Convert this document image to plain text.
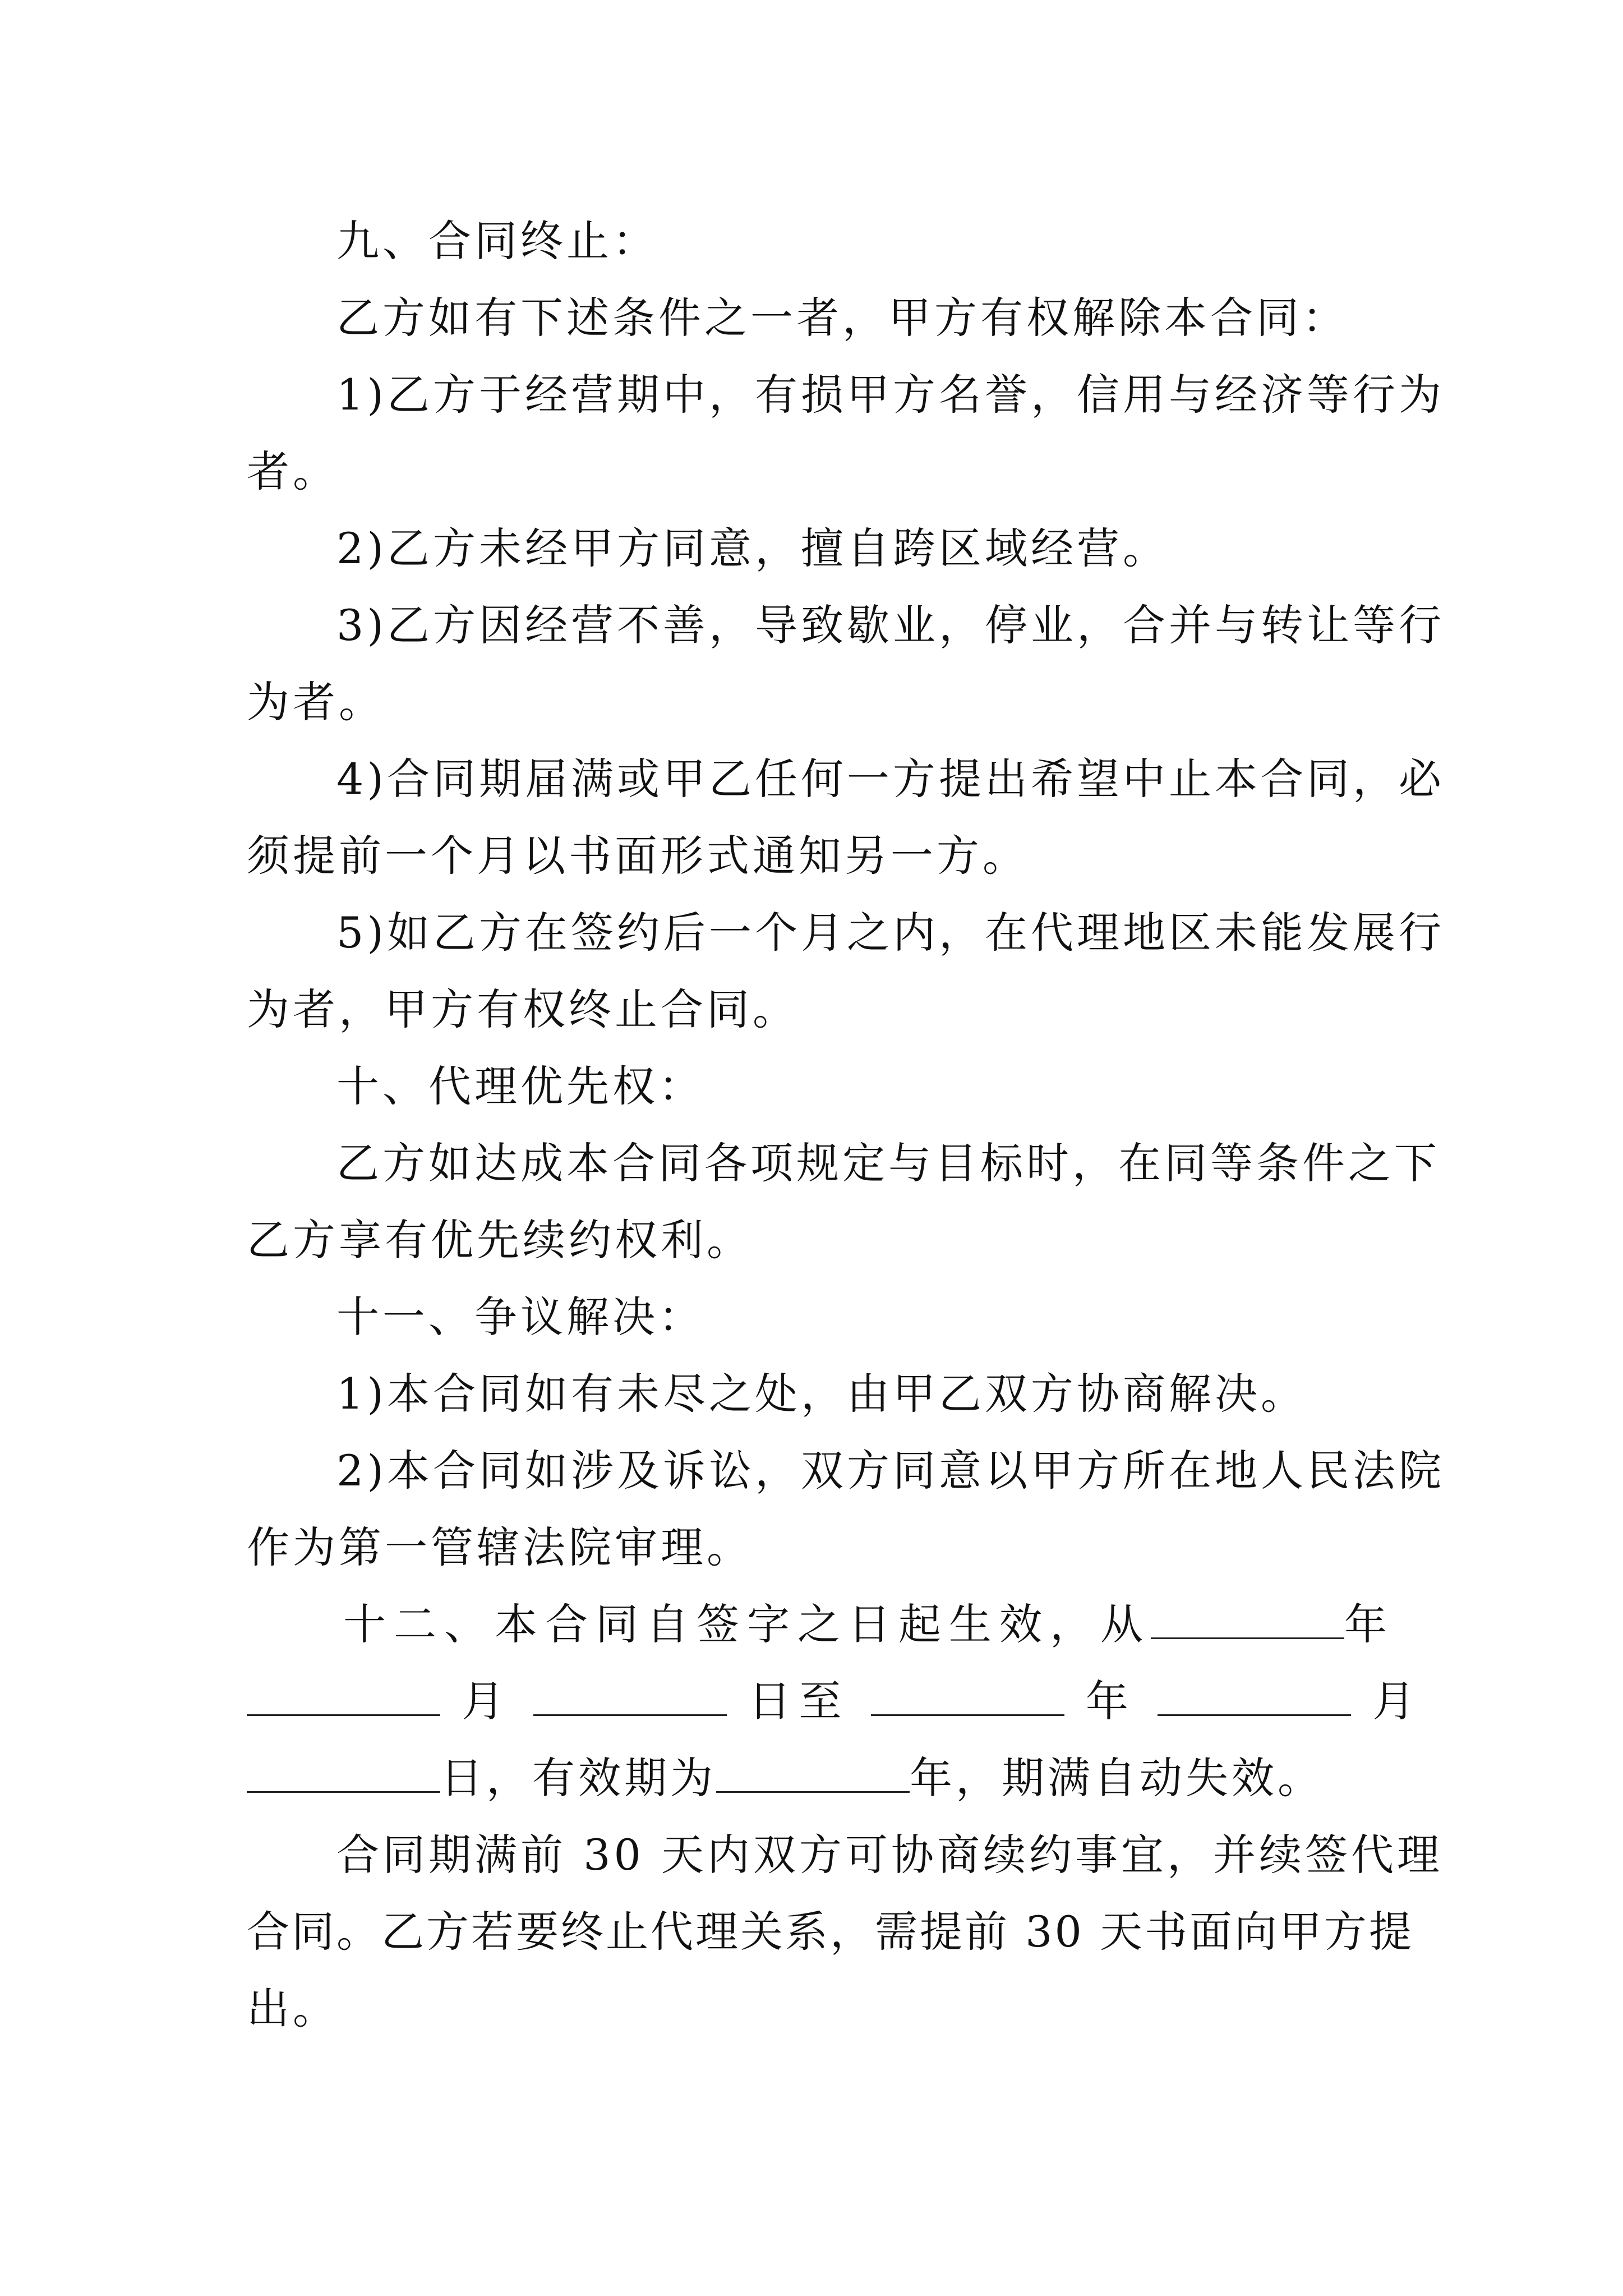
九、合同终止：
乙方如有下述条件之一者，甲方有权解除本合同：
1)乙方于经营期中，有损甲方名誉，信用与经济等行为
者。
2)乙方未经甲方同意，擅自跨区域经营。
3)乙方因经营不善，导致歇业，停业，合并与转让等行
为者。
4)合同期届满或甲乙任何一方提出希望中止本合同，必
须提前一个月以书面形式通知另一方。
5)如乙方在签约后一个月之内，在代理地区未能发展行
为者，甲方有权终止合同。
十、代理优先权：
乙方如达成本合同各项规定与目标时，在同等条件之下
乙方享有优先续约权利。
十一、争议解决：
1)本合同如有未尽之处，由甲乙双方协商解决。
2)本合同如涉及诉讼，双方同意以甲方所在地人民法院
作为第一管辖法院审理。
十二、本合同自签字之日起生效，从	年
月	日至	年	月
日，有效期为	年，期满自动失效。
合同期满前 30 天内双方可协商续约事宜，并续签代理
合同。乙方若要终止代理关系，需提前 30 天书面向甲方提
出。
